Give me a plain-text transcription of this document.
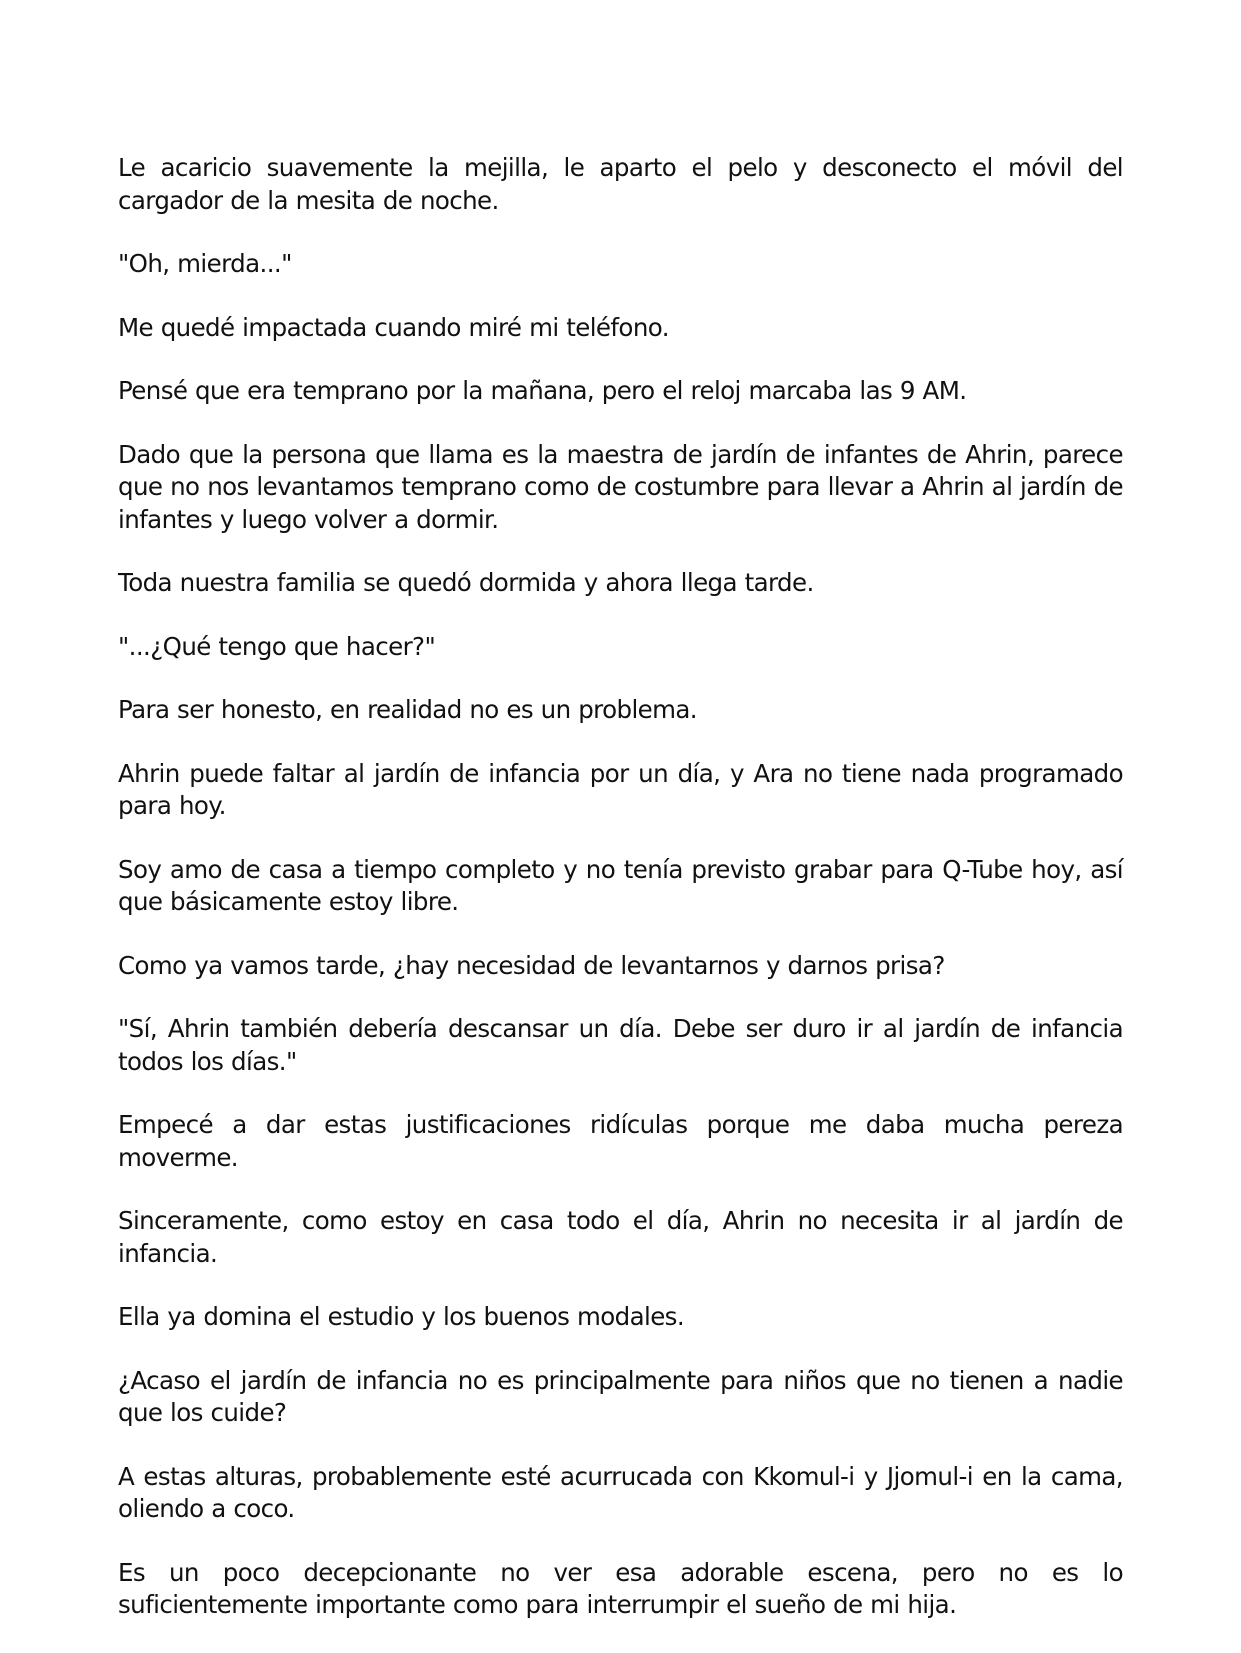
Le acaricio suavemente la mejilla, le aparto el pelo y desconecto el móvil del cargador de la mesita de noche.

"Oh, mierda..."

Me quedé impactada cuando miré mi teléfono.

Pensé que era temprano por la mañana, pero el reloj marcaba las 9 AM.

Dado que la persona que llama es la maestra de jardín de infantes de Ahrin, parece que no nos levantamos temprano como de costumbre para llevar a Ahrin al jardín de infantes y luego volver a dormir.

Toda nuestra familia se quedó dormida y ahora llega tarde.

"...¿Qué tengo que hacer?"

Para ser honesto, en realidad no es un problema.

Ahrin puede faltar al jardín de infancia por un día, y Ara no tiene nada programado para hoy.

Soy amo de casa a tiempo completo y no tenía previsto grabar para Q-Tube hoy, así que básicamente estoy libre.

Como ya vamos tarde, ¿hay necesidad de levantarnos y darnos prisa?

"Sí, Ahrin también debería descansar un día. Debe ser duro ir al jardín de infancia todos los días."

Empecé a dar estas justificaciones ridículas porque me daba mucha pereza moverme.

Sinceramente, como estoy en casa todo el día, Ahrin no necesita ir al jardín de infancia.

Ella ya domina el estudio y los buenos modales.

¿Acaso el jardín de infancia no es principalmente para niños que no tienen a nadie que los cuide?

A estas alturas, probablemente esté acurrucada con Kkomul-i y Jjomul-i en la cama, oliendo a coco.

Es un poco decepcionante no ver esa adorable escena, pero no es lo suficientemente importante como para interrumpir el sueño de mi hija.
